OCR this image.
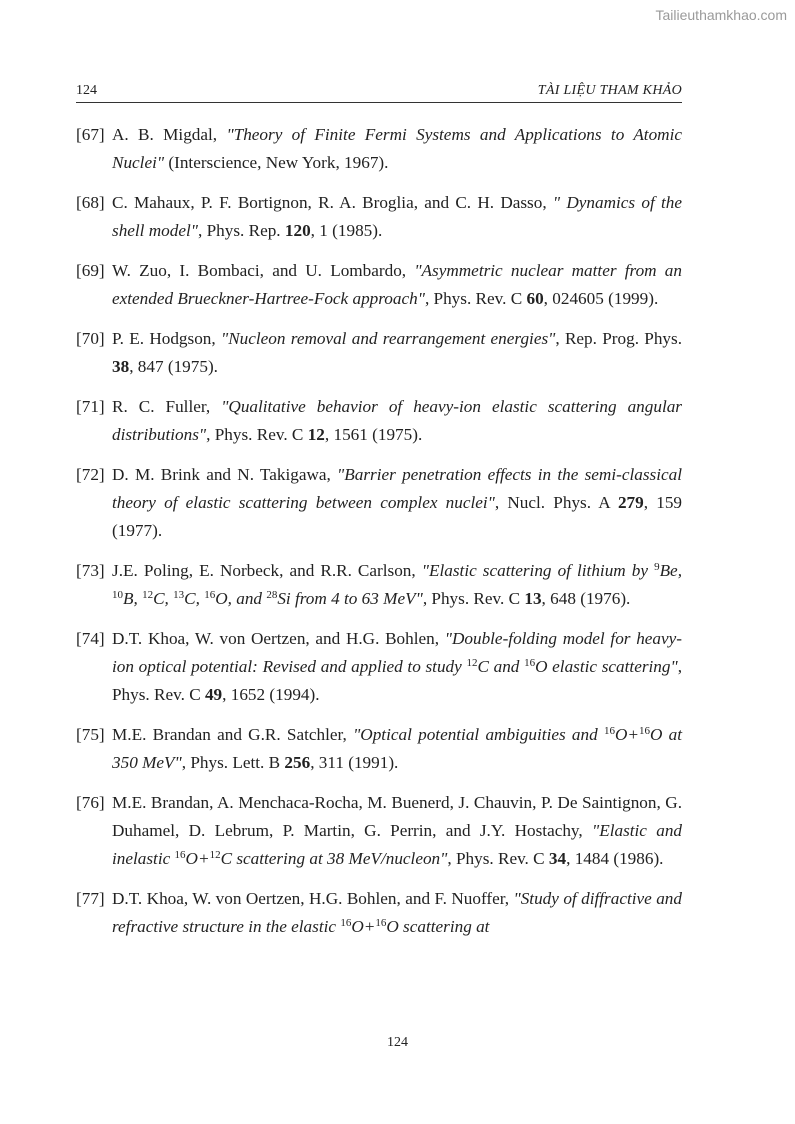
Tailieuthamkhao.com
124	TÀI LIỆU THAM KHẢO
[67] A. B. Migdal, "Theory of Finite Fermi Systems and Applications to Atomic Nuclei" (Interscience, New York, 1967).
[68] C. Mahaux, P. F. Bortignon, R. A. Broglia, and C. H. Dasso, " Dynamics of the shell model", Phys. Rep. 120, 1 (1985).
[69] W. Zuo, I. Bombaci, and U. Lombardo, "Asymmetric nuclear matter from an extended Brueckner-Hartree-Fock approach", Phys. Rev. C 60, 024605 (1999).
[70] P. E. Hodgson, "Nucleon removal and rearrangement energies", Rep. Prog. Phys. 38, 847 (1975).
[71] R. C. Fuller, "Qualitative behavior of heavy-ion elastic scattering angular distributions", Phys. Rev. C 12, 1561 (1975).
[72] D. M. Brink and N. Takigawa, "Barrier penetration effects in the semi-classical theory of elastic scattering between complex nuclei", Nucl. Phys. A 279, 159 (1977).
[73] J.E. Poling, E. Norbeck, and R.R. Carlson, "Elastic scattering of lithium by $^9$Be, $^{10}$B, $^{12}$C, $^{13}$C, $^{16}$O, and $^{28}$Si from 4 to 63 MeV", Phys. Rev. C 13, 648 (1976).
[74] D.T. Khoa, W. von Oertzen, and H.G. Bohlen, "Double-folding model for heavy-ion optical potential: Revised and applied to study $^{12}$C and $^{16}$O elastic scattering", Phys. Rev. C 49, 1652 (1994).
[75] M.E. Brandan and G.R. Satchler, "Optical potential ambiguities and $^{16}$O+$^{16}$O at 350 MeV", Phys. Lett. B 256, 311 (1991).
[76] M.E. Brandan, A. Menchaca-Rocha, M. Buenerd, J. Chauvin, P. De Saintignon, G. Duhamel, D. Lebrum, P. Martin, G. Perrin, and J.Y. Hostachy, "Elastic and inelastic $^{16}$O+$^{12}$C scattering at 38 MeV/nucleon", Phys. Rev. C 34, 1484 (1986).
[77] D.T. Khoa, W. von Oertzen, H.G. Bohlen, and F. Nuoffer, "Study of diffractive and refractive structure in the elastic $^{16}$O+$^{16}$O scattering at
124
